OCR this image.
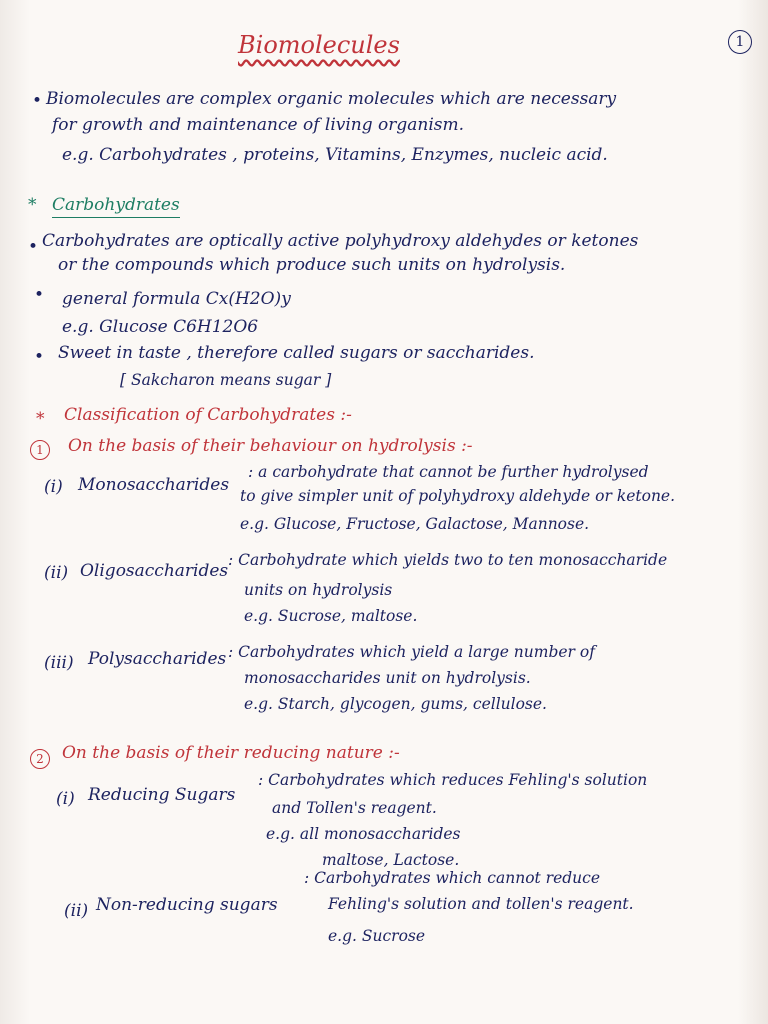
1
Biomolecules
• Biomolecules are complex organic molecules which are necessary
for growth and maintenance of living organism.
e.g. Carbohydrates , proteins, Vitamins, Enzymes, nucleic acid.
* Carbohydrates
• Carbohydrates are optically active polyhydroxy aldehydes or ketones
or the compounds which produce such units on hydrolysis.
• general formula Cx(H2O)y
e.g. Glucose C6H12O6
• Sweet in taste , therefore called sugars or saccharides.
[ Sakcharon means sugar ]
* Classification of Carbohydrates :-
1	On the basis of their behaviour on hydrolysis :-
(i) Monosaccharides
: a carbohydrate that cannot be further hydrolysed
to give simpler unit of polyhydroxy aldehyde or ketone.
e.g. Glucose, Fructose, Galactose, Mannose.
(ii) Oligosaccharides
: Carbohydrate which yields two to ten monosaccharide
units on hydrolysis
e.g. Sucrose, maltose.
(iii) Polysaccharides : Carbohydrates which yield a large number of
monosaccharides unit on hydrolysis.
e.g. Starch, glycogen, gums, cellulose.
2	On the basis of their reducing nature :-
(i) Reducing Sugars
: Carbohydrates which reduces Fehling's solution
and Tollen's reagent.
e.g. all monosaccharides
maltose, Lactose.
(ii) Non-reducing sugars
: Carbohydrates which cannot reduce
Fehling's solution and tollen's reagent.
e.g. Sucrose
